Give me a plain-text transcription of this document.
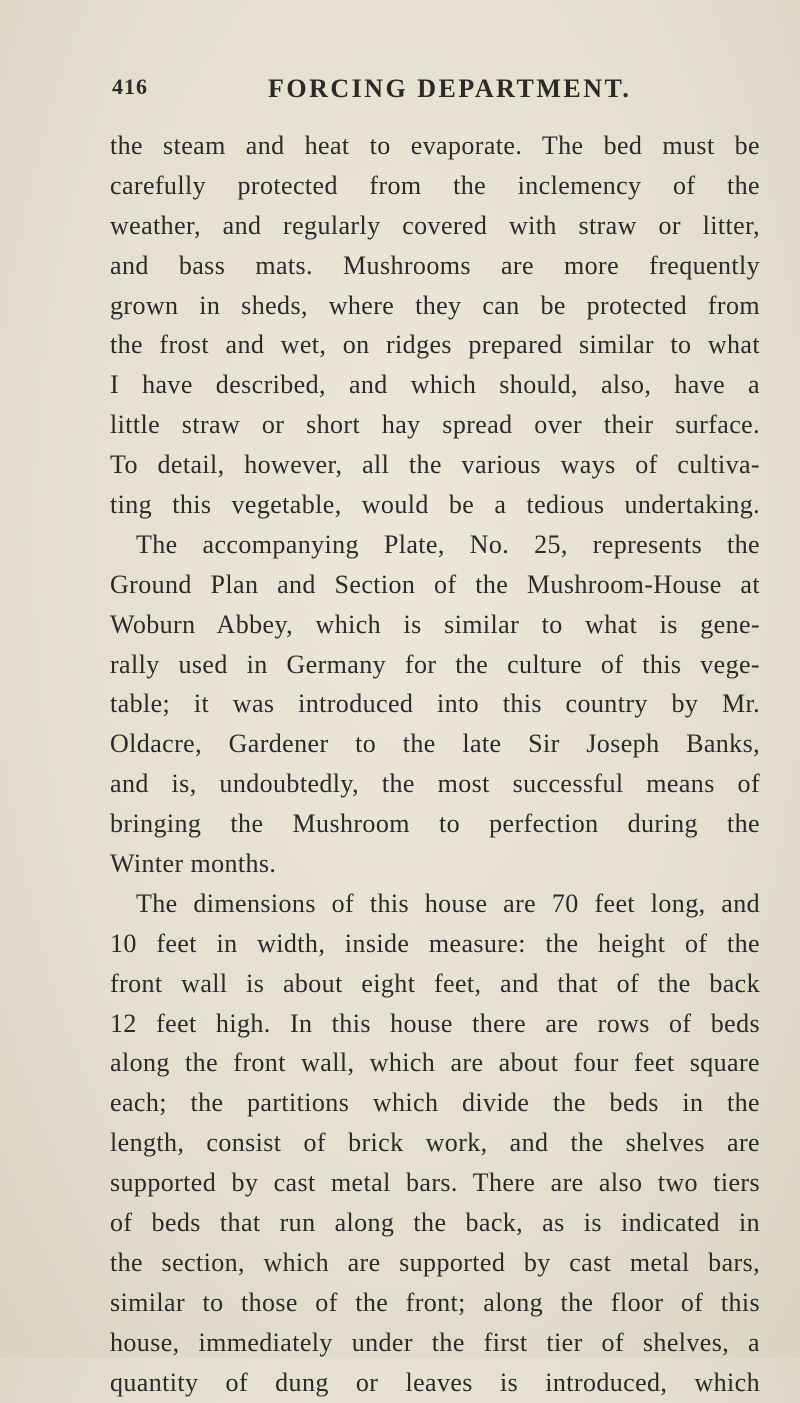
416	FORCING DEPARTMENT.
the steam and heat to evaporate. The bed must be
carefully protected from the inclemency of the
weather, and regularly covered with straw or litter,
and bass mats. Mushrooms are more frequently
grown in sheds, where they can be protected from
the frost and wet, on ridges prepared similar to what
I have described, and which should, also, have a
little straw or short hay spread over their surface.
To detail, however, all the various ways of cultiva-
ting this vegetable, would be a tedious undertaking.
The accompanying Plate, No. 25, represents the
Ground Plan and Section of the Mushroom-House at
Woburn Abbey, which is similar to what is gene-
rally used in Germany for the culture of this vege-
table; it was introduced into this country by Mr.
Oldacre, Gardener to the late Sir Joseph Banks,
and is, undoubtedly, the most successful means of
bringing the Mushroom to perfection during the
Winter months.
The dimensions of this house are 70 feet long, and
10 feet in width, inside measure: the height of the
front wall is about eight feet, and that of the back
12 feet high. In this house there are rows of beds
along the front wall, which are about four feet square
each; the partitions which divide the beds in the
length, consist of brick work, and the shelves are
supported by cast metal bars. There are also two tiers
of beds that run along the back, as is indicated in
the section, which are supported by cast metal bars,
similar to those of the front; along the floor of this
house, immediately under the first tier of shelves, a
quantity of dung or leaves is introduced, which
